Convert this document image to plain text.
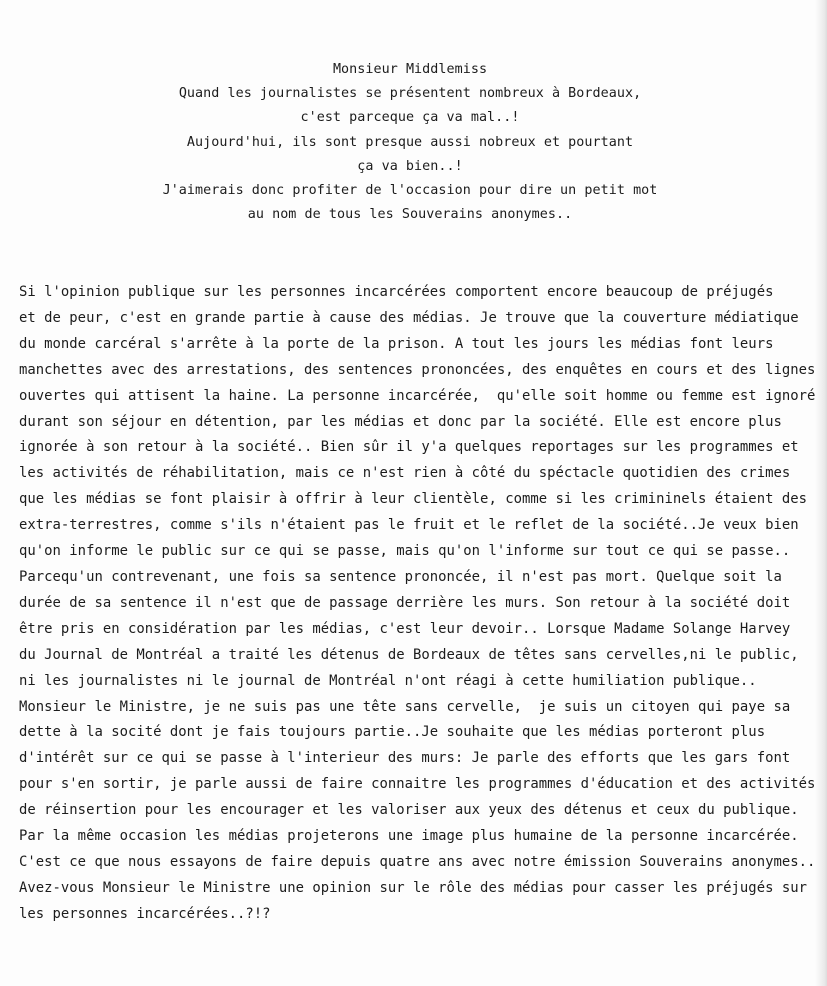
Monsieur Middlemiss
Quand les journalistes se présentent nombreux à Bordeaux,
c'est parceque ça va mal..!
Aujourd'hui, ils sont presque aussi nobreux et pourtant
ça va bien..!
J'aimerais donc profiter de l'occasion pour dire un petit mot
au nom de tous les Souverains anonymes..
Si l'opinion publique sur les personnes incarcérées comportent encore beaucoup de préjugés
et de peur, c'est en grande partie à cause des médias. Je trouve que la couverture médiatique
du monde carcéral s'arrête à la porte de la prison. A tout les jours les médias font leurs
manchettes avec des arrestations, des sentences prononcées, des enquêtes en cours et des lignes
ouvertes qui attisent la haine. La personne incarcérée,  qu'elle soit homme ou femme est ignoré
durant son séjour en détention, par les médias et donc par la société. Elle est encore plus
ignorée à son retour à la société.. Bien sûr il y'a quelques reportages sur les programmes et
les activités de réhabilitation, mais ce n'est rien à côté du spéctacle quotidien des crimes
que les médias se font plaisir à offrir à leur clientèle, comme si les crimininels étaient des
extra-terrestres, comme s'ils n'étaient pas le fruit et le reflet de la société..Je veux bien
qu'on informe le public sur ce qui se passe, mais qu'on l'informe sur tout ce qui se passe..
Parcequ'un contrevenant, une fois sa sentence prononcée, il n'est pas mort. Quelque soit la
durée de sa sentence il n'est que de passage derrière les murs. Son retour à la société doit
être pris en considération par les médias, c'est leur devoir.. Lorsque Madame Solange Harvey
du Journal de Montréal a traité les détenus de Bordeaux de têtes sans cervelles,ni le public,
ni les journalistes ni le journal de Montréal n'ont réagi à cette humiliation publique..
Monsieur le Ministre, je ne suis pas une tête sans cervelle,  je suis un citoyen qui paye sa
dette à la socité dont je fais toujours partie..Je souhaite que les médias porteront plus
d'intérêt sur ce qui se passe à l'interieur des murs: Je parle des efforts que les gars font
pour s'en sortir, je parle aussi de faire connaitre les programmes d'éducation et des activités
de réinsertion pour les encourager et les valoriser aux yeux des détenus et ceux du publique.
Par la même occasion les médias projeterons une image plus humaine de la personne incarcérée.
C'est ce que nous essayons de faire depuis quatre ans avec notre émission Souverains anonymes..
Avez-vous Monsieur le Ministre une opinion sur le rôle des médias pour casser les préjugés sur
les personnes incarcérées..?!?
